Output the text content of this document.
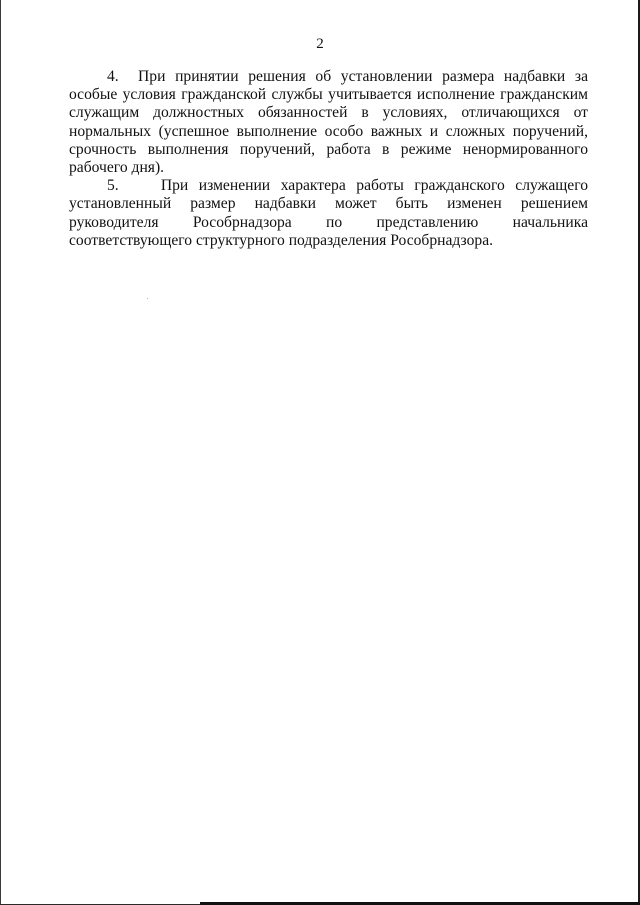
2

4. При принятии решения об установлении размера надбавки за особые условия гражданской службы учитывается исполнение гражданским служащим должностных обязанностей в условиях, отличающихся от нормальных (успешное выполнение особо важных и сложных поручений, срочность выполнения поручений, работа в режиме ненормированного рабочего дня).

5.	При изменении характера работы гражданского служащего установленный размер надбавки может быть изменен решением руководителя Рособрнадзора по представлению начальника соответствующего структурного подразделения Рособрнадзора.
